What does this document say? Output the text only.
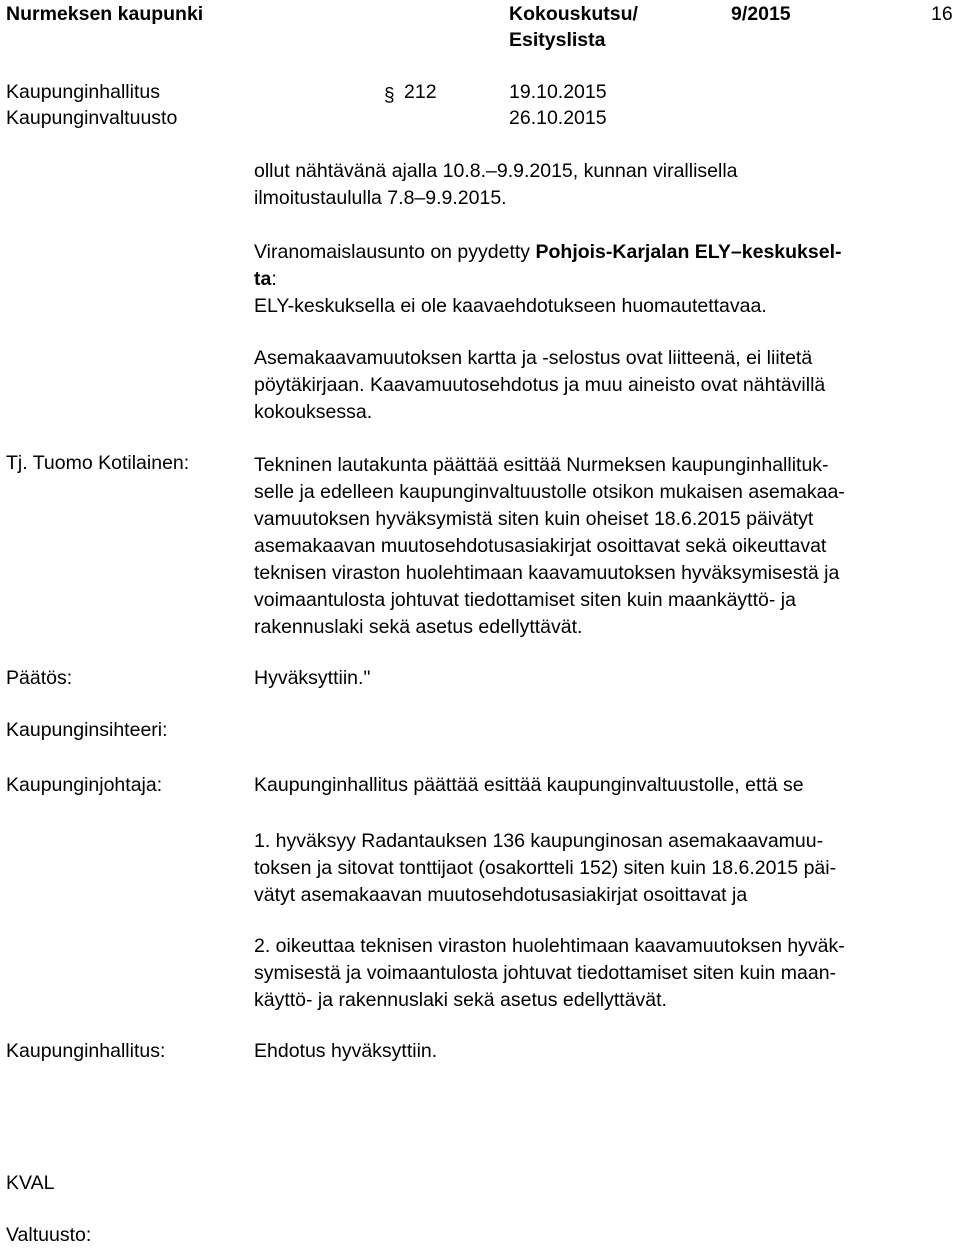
Nurmeksen kaupunki	Kokouskutsu/
Esityslista
9/2015	16
Kaupunginhallitus	212	19.10.2015
Kaupunginvaltuusto	26.10.2015
§
ollut nähtävänä ajalla 10.8.–9.9.2015, kunnan virallisella
ilmoitustaululla 7.8–9.9.2015.
Viranomaislausunto on pyydetty Pohjois-Karjalan ELY–keskuksel-
ta:
ELY-keskuksella ei ole kaavaehdotukseen huomautettavaa.
Asemakaavamuutoksen kartta ja -selostus ovat liitteenä, ei liitetä
pöytäkirjaan. Kaavamuutosehdotus ja muu aineisto ovat nähtävillä
kokouksessa.
Tj. Tuomo Kotilainen:	Tekninen lautakunta päättää esittää Nurmeksen kaupunginhallituk-
selle ja edelleen kaupunginvaltuustolle otsikon mukaisen asemakaa-
vamuutoksen hyväksymistä siten kuin oheiset 18.6.2015 päivätyt
asemakaavan muutosehdotusasiakirjat osoittavat sekä oikeuttavat
teknisen viraston huolehtimaan kaavamuutoksen hyväksymisestä ja
voimaantulosta johtuvat tiedottamiset siten kuin maankäyttö- ja
rakennuslaki sekä asetus edellyttävät.
Päätös:	Hyväksyttiin."
Kaupunginsihteeri:
Kaupunginjohtaja:	Kaupunginhallitus päättää esittää kaupunginvaltuustolle, että se
1. hyväksyy Radantauksen 136 kaupunginosan asemakaavamuu-
toksen ja sitovat tonttijaot (osakortteli 152) siten kuin 18.6.2015 päi-
vätyt asemakaavan muutosehdotusasiakirjat osoittavat ja
2. oikeuttaa teknisen viraston huolehtimaan kaavamuutoksen hyväk-
symisestä ja voimaantulosta johtuvat tiedottamiset siten kuin maan-
käyttö- ja rakennuslaki sekä asetus edellyttävät.
Kaupunginhallitus:	Ehdotus hyväksyttiin.
KVAL
Valtuusto:
